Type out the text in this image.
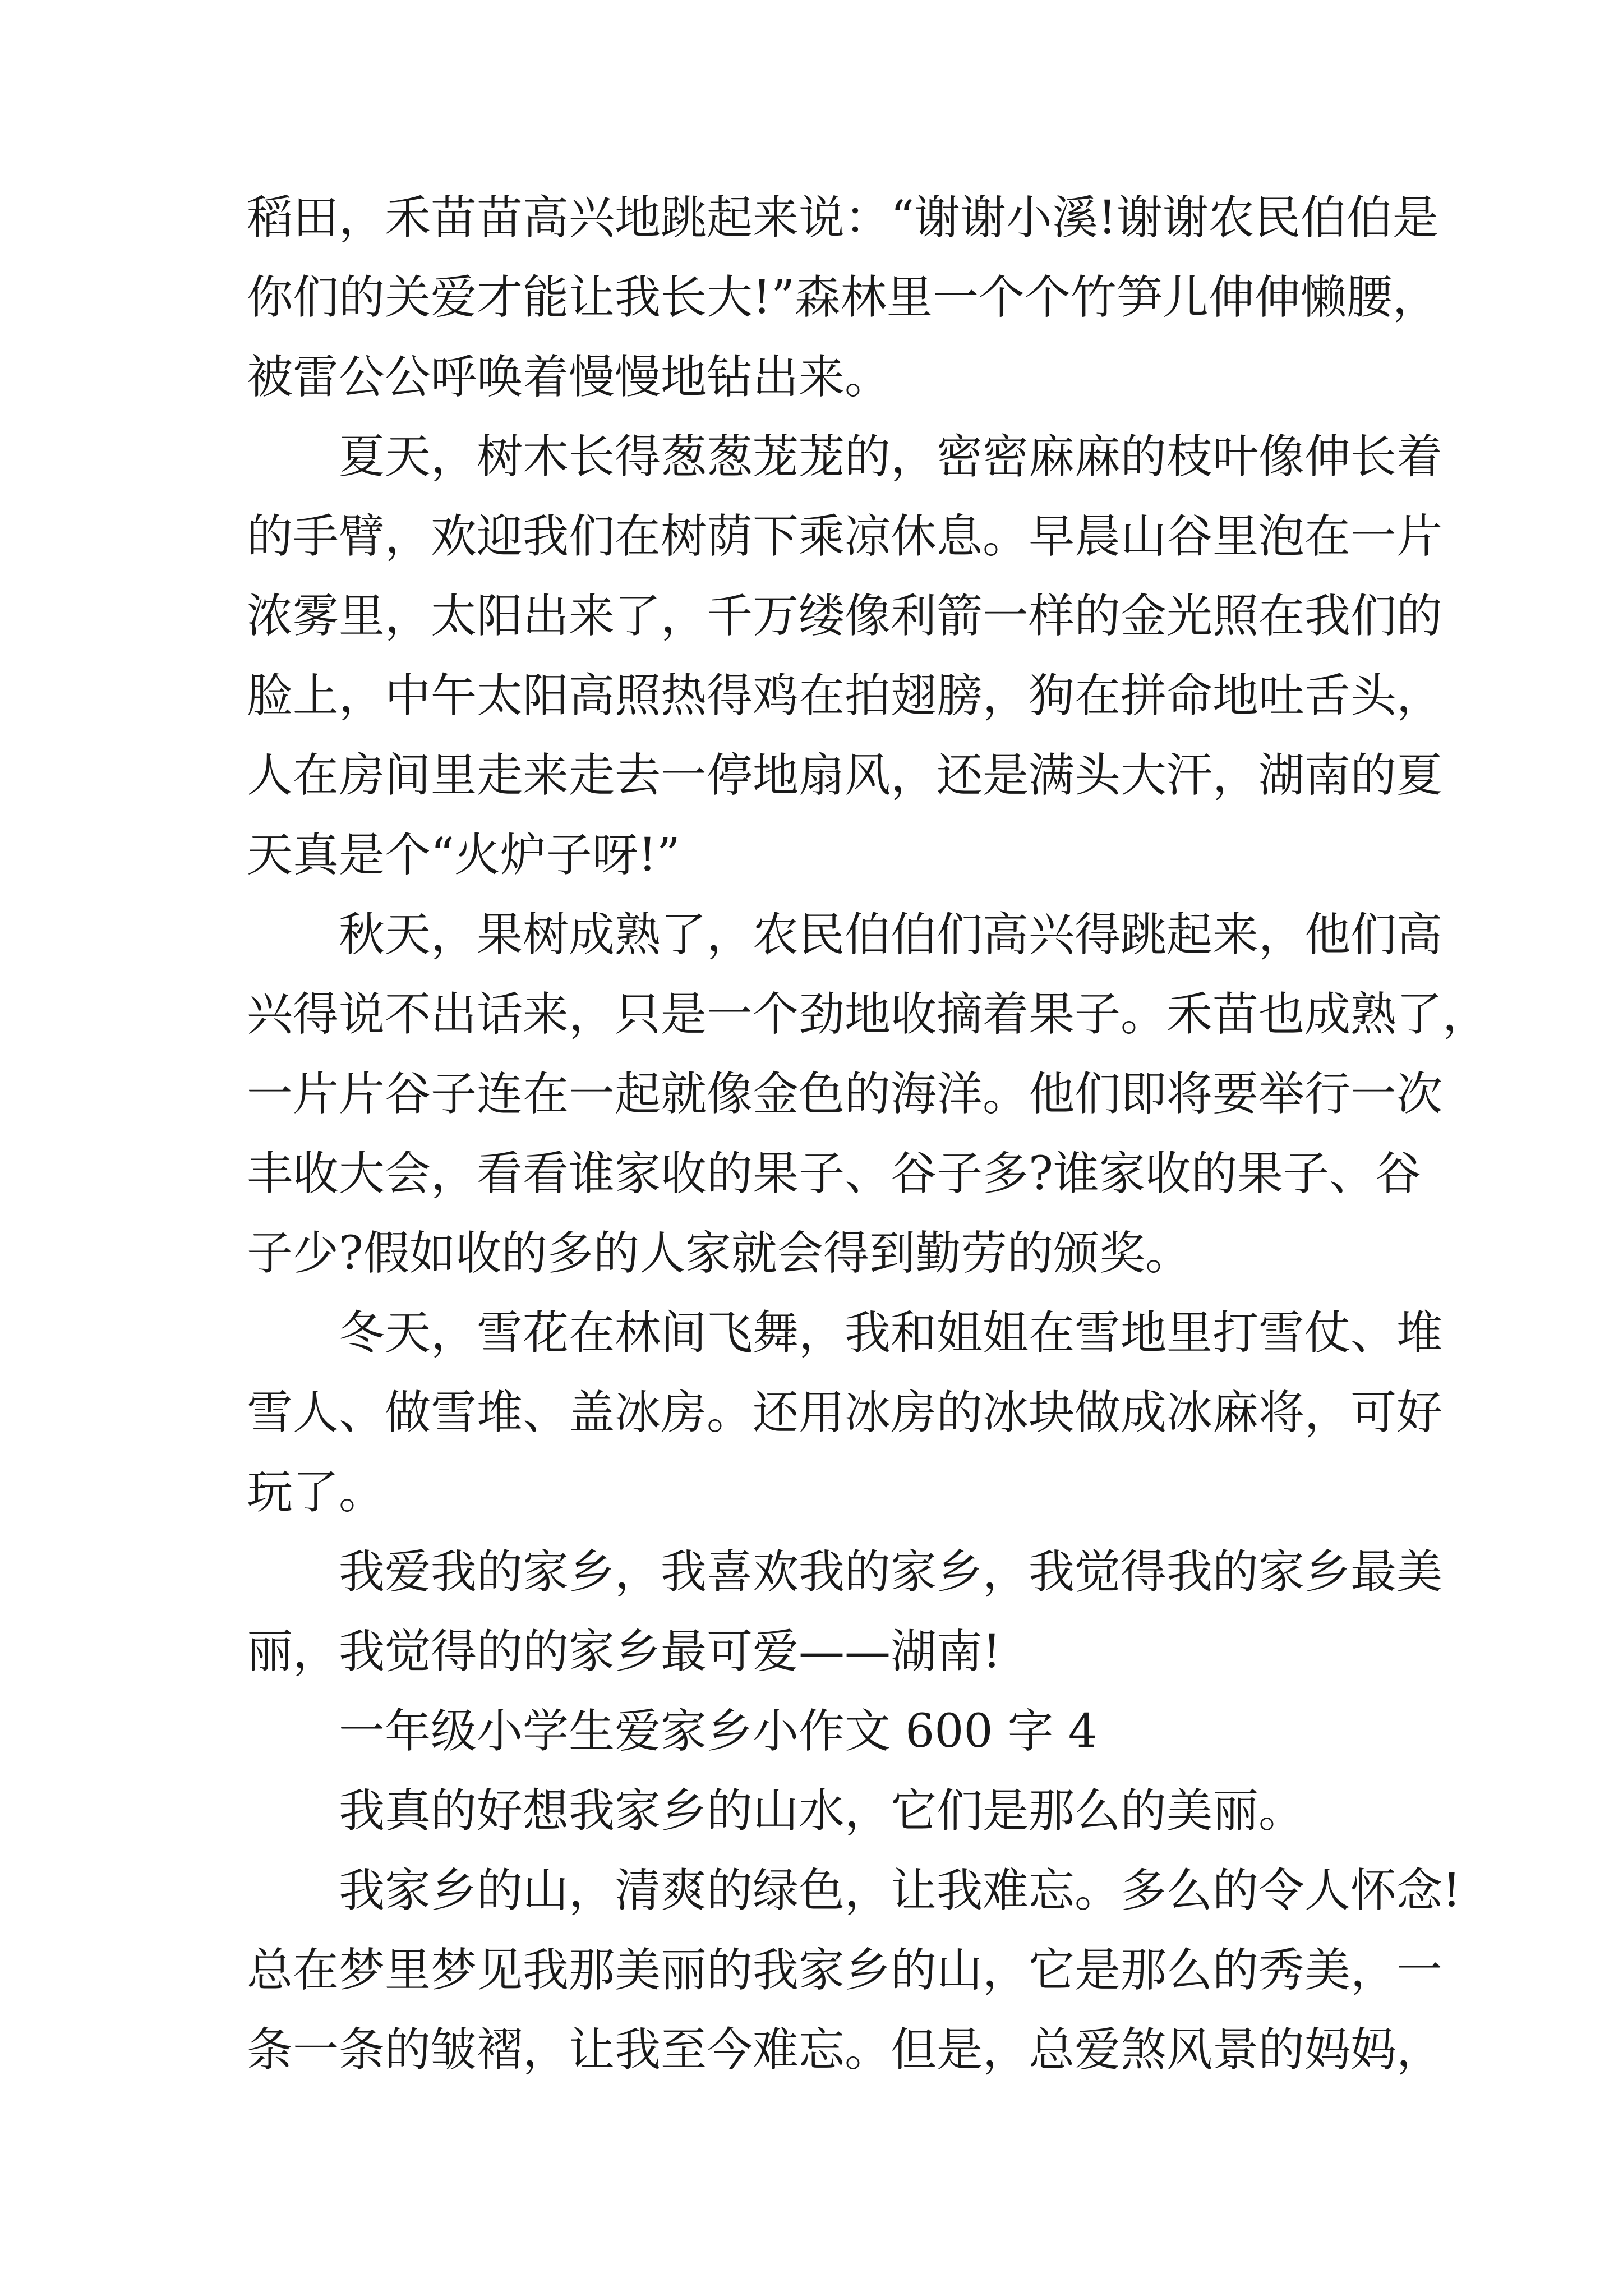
稻田，禾苗苗高兴地跳起来说：“谢谢小溪!谢谢农民伯伯是
你们的关爱才能让我长大!”森林里一个个竹笋儿伸伸懒腰，
被雷公公呼唤着慢慢地钻出来。
夏天，树木长得葱葱茏茏的，密密麻麻的枝叶像伸长着
的手臂，欢迎我们在树荫下乘凉休息。早晨山谷里泡在一片
浓雾里，太阳出来了，千万缕像利箭一样的金光照在我们的
脸上，中午太阳高照热得鸡在拍翅膀，狗在拼命地吐舌头，
人在房间里走来走去一停地扇风，还是满头大汗，湖南的夏
天真是个“火炉子呀!”
秋天，果树成熟了，农民伯伯们高兴得跳起来，他们高
兴得说不出话来，只是一个劲地收摘着果子。禾苗也成熟了，
一片片谷子连在一起就像金色的海洋。他们即将要举行一次
丰收大会，看看谁家收的果子、谷子多?谁家收的果子、谷
子少?假如收的多的人家就会得到勤劳的颁奖。
冬天，雪花在林间飞舞，我和姐姐在雪地里打雪仗、堆
雪人、做雪堆、盖冰房。还用冰房的冰块做成冰麻将，可好
玩了。
我爱我的家乡，我喜欢我的家乡，我觉得我的家乡最美
丽，我觉得的的家乡最可爱——湖南!
一年级小学生爱家乡小作文 600 字 4
我真的好想我家乡的山水，它们是那么的美丽。
我家乡的山，清爽的绿色，让我难忘。多么的令人怀念!
总在梦里梦见我那美丽的我家乡的山，它是那么的秀美，一
条一条的皱褶，让我至今难忘。但是，总爱煞风景的妈妈，
